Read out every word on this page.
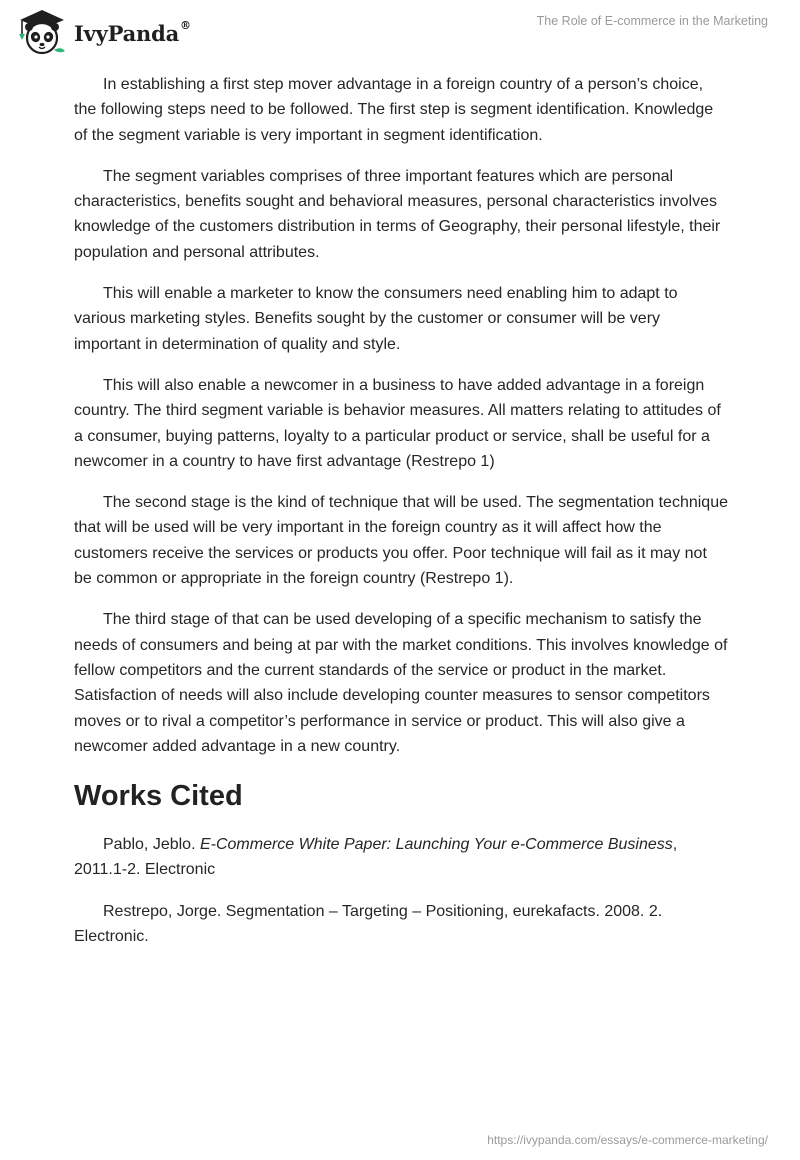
IvyPanda®	The Role of E-commerce in the Marketing

In establishing a first step mover advantage in a foreign country of a person’s choice, the following steps need to be followed. The first step is segment identification. Knowledge of the segment variable is very important in segment identification.

The segment variables comprises of three important features which are personal characteristics, benefits sought and behavioral measures, personal characteristics involves knowledge of the customers distribution in terms of Geography, their personal lifestyle, their population and personal attributes.

This will enable a marketer to know the consumers need enabling him to adapt to various marketing styles. Benefits sought by the customer or consumer will be very important in determination of quality and style.

This will also enable a newcomer in a business to have added advantage in a foreign country. The third segment variable is behavior measures. All matters relating to attitudes of a consumer, buying patterns, loyalty to a particular product or service, shall be useful for a newcomer in a country to have first advantage (Restrepo 1)

The second stage is the kind of technique that will be used. The segmentation technique that will be used will be very important in the foreign country as it will affect how the customers receive the services or products you offer. Poor technique will fail as it may not be common or appropriate in the foreign country (Restrepo 1).

The third stage of that can be used developing of a specific mechanism to satisfy the needs of consumers and being at par with the market conditions. This involves knowledge of fellow competitors and the current standards of the service or product in the market. Satisfaction of needs will also include developing counter measures to sensor competitors moves or to rival a competitor’s performance in service or product. This will also give a newcomer added advantage in a new country.

Works Cited

Pablo, Jeblo. E-Commerce White Paper: Launching Your e-Commerce Business, 2011.1-2. Electronic

Restrepo, Jorge. Segmentation – Targeting – Positioning, eurekafacts. 2008. 2. Electronic.

https://ivypanda.com/essays/e-commerce-marketing/
